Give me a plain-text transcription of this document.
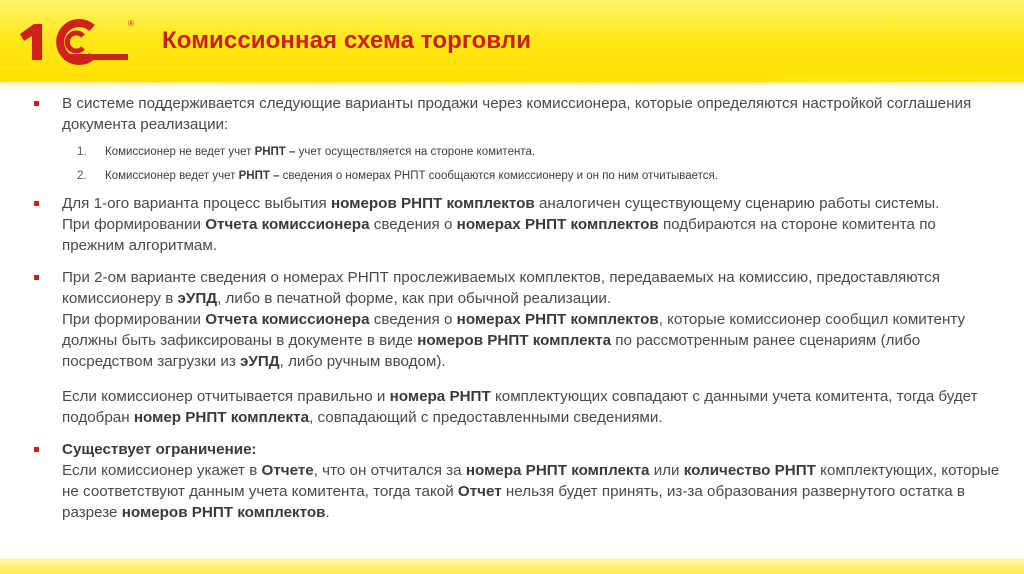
®
Комиссионная схема торговли

В системе поддерживается следующие варианты продажи через комиссионера, которые определяются настройкой соглашения документа реализации:

1. Комиссионер не ведет учет РНПТ – учет осуществляется на стороне комитента.
2. Комиссионер ведет учет РНПТ – сведения о номерах РНПТ сообщаются комиссионеру и он по ним отчитывается.

Для 1-ого варианта процесс выбытия номеров РНПТ комплектов аналогичен существующему сценарию работы системы.

При формировании Отчета комиссионера сведения о номерах РНПТ комплектов подбираются на стороне комитента по прежним алгоритмам.

При 2-ом варианте сведения о номерах РНПТ прослеживаемых комплектов, передаваемых на комиссию, предоставляются комиссионеру в эУПД, либо в печатной форме, как при обычной реализации.

При формировании Отчета комиссионера сведения о номерах РНПТ комплектов, которые комиссионер сообщил комитенту должны быть зафиксированы в документе в виде номеров РНПТ комплекта по рассмотренным ранее сценариям (либо посредством загрузки из эУПД, либо ручным вводом).

Если комиссионер отчитывается правильно и номера РНПТ комплектующих совпадают с данными учета комитента, тогда будет подобран номер РНПТ комплекта, совпадающий с предоставленными сведениями.

Существует ограничение:

Если комиссионер укажет в Отчете, что он отчитался за номера РНПТ комплекта или количество РНПТ комплектующих, которые не соответствуют данным учета комитента, тогда такой Отчет нельзя будет принять, из-за образования развернутого остатка в разрезе номеров РНПТ комплектов.
